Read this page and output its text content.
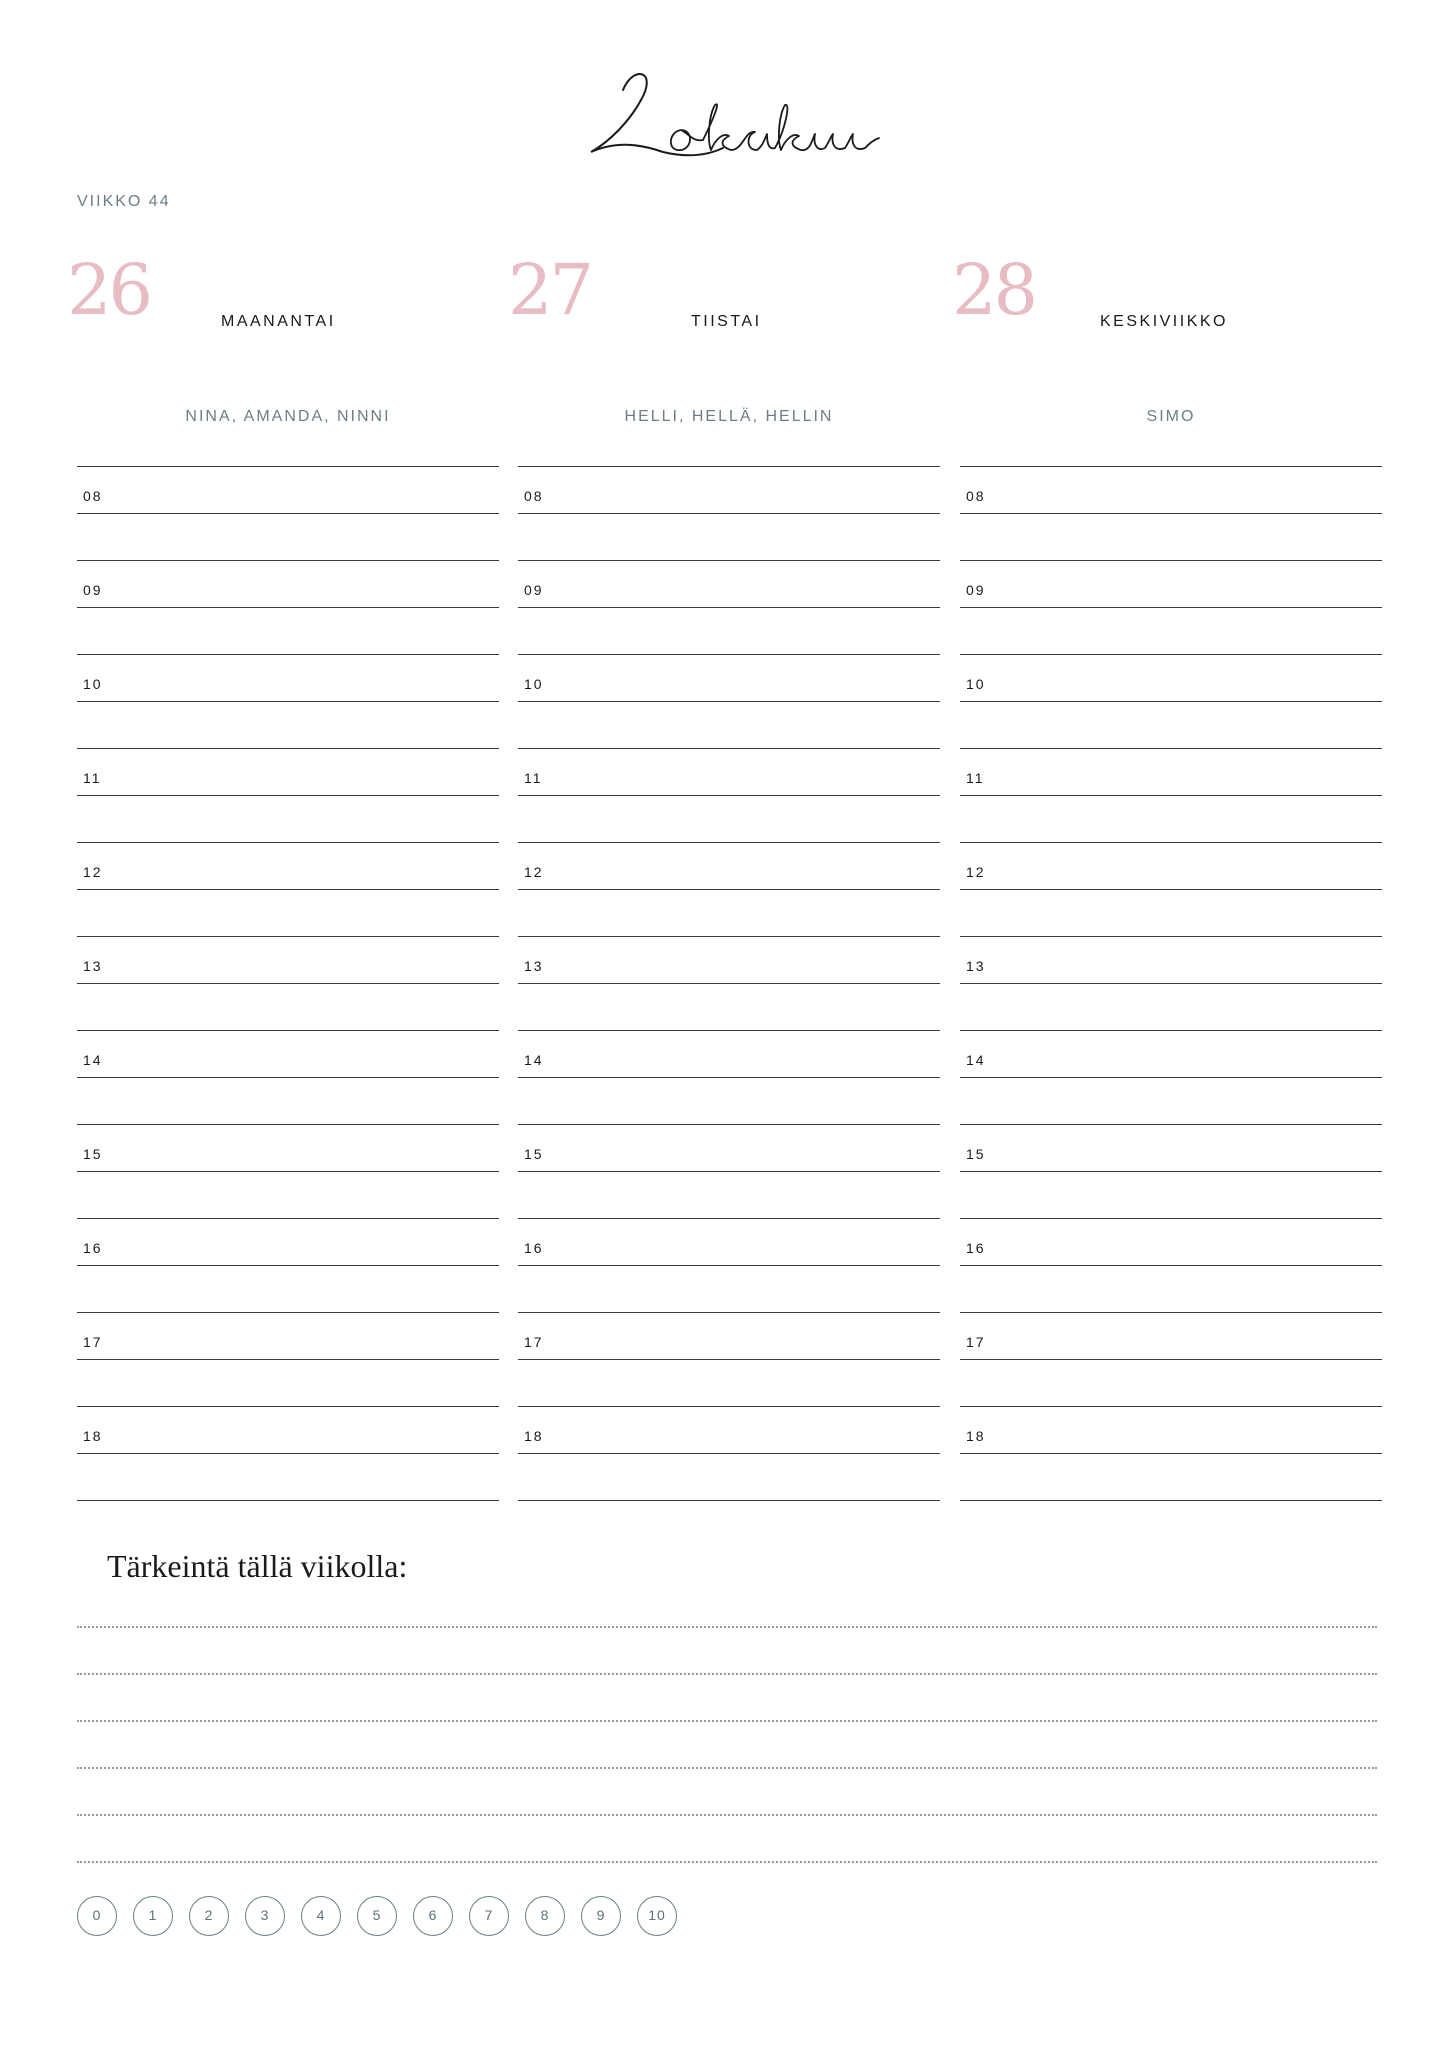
VIIKKO 44
26	MAANANTAI
NINA, AMANDA, NINNI
08
09
10
11
12
13
14
15
16
17
18
27	TIISTAI
HELLI, HELLÄ, HELLIN
08
09
10
11
12
13
14
15
16
17
18
28	KESKIVIIKKO
SIMO
08
09
10
11
12
13
14
15
16
17
18
Tärkeintä tällä viikolla:
0	1	2	3	4	5	6	7	8	9	10
